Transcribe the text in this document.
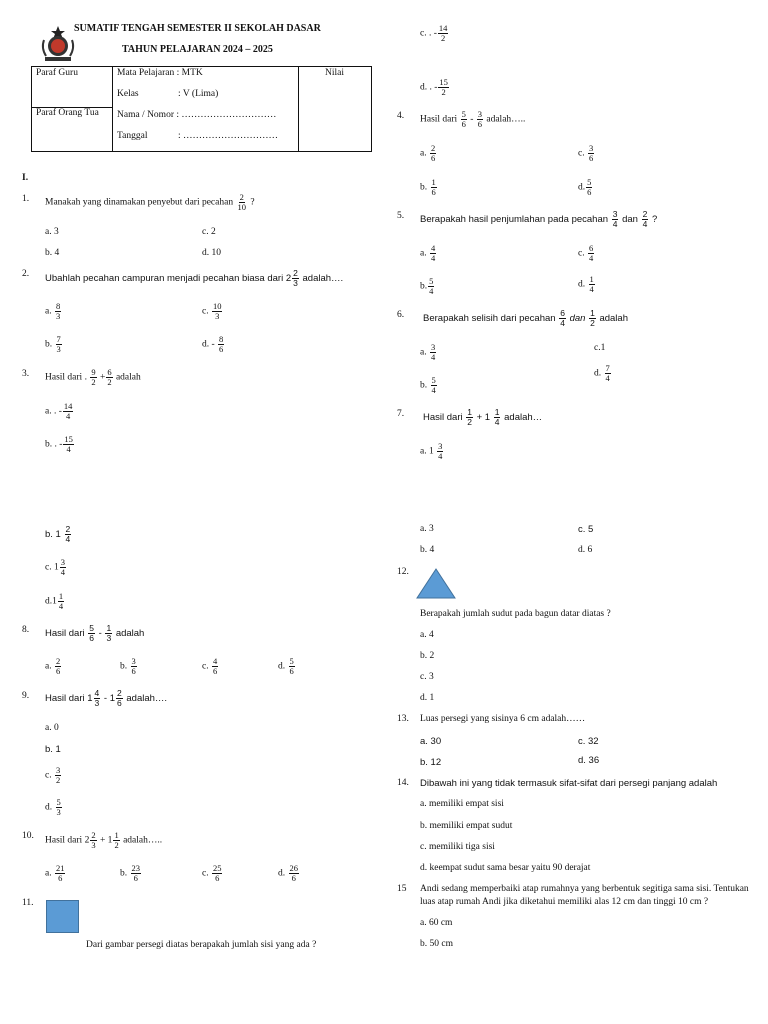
SUMATIF TENGAH SEMESTER II SEKOLAH DASAR
TAHUN PELAJARAN 2024 – 2025
Paraf Guru
Paraf Orang Tua
Mata Pelajaran : MTK
Kelas	: V (Lima)
Nama / Nomor : …………………………
Tanggal	: …………………………
Nilai
I.
1. Manakah yang dinamakan penyebut dari pecahan $\frac{2}{10}$ ?
a. 3	c. 2
b. 4	d. 10
2. Ubahlah pecahan campuran menjadi pecahan biasa dari $2 \frac{2}{3}$ adalah….
a. $\frac{8}{3}$	c. $\frac{10}{3}$
b. $\frac{7}{3}$	d. - $\frac{8}{6}$
3. Hasil dari . $\frac{9}{2} + \frac{6}{2}$ adalah
a. . - $\frac{14}{4}$
b. . - $\frac{15}{4}$
b. $1 \frac{2}{4}$
c. $1 \frac{3}{4}$
$d.1 \frac{1}{4}$
8. Hasil dari $\frac{5}{6} - \frac{1}{3}$ adalah
a. $\frac{2}{6}$	b. $\frac{3}{6}$	c. $\frac{4}{6}$	d. $\frac{5}{6}$
9. Hasil dari $1 \frac{4}{3} - 1 \frac{2}{6}$ adalah….
a. 0
b. 1
c. $\frac{3}{2}$
d. $\frac{5}{3}$
10. Hasil dari $2 \frac{2}{3} + 1 \frac{1}{2}$ adalah…..
a. $\frac{21}{6}$	b. $\frac{23}{6}$	c. $\frac{25}{6}$	d. $\frac{26}{6}$
11.
Dari gambar persegi diatas berapakah jumlah sisi yang ada ?
c. . - $\frac{14}{2}$
d. . - $\frac{15}{2}$
4. Hasil dari $\frac{5}{6} - \frac{3}{6}$ adalah…..
a. $\frac{2}{6}$	c. $\frac{3}{6}$
b. $\frac{1}{6}$	d. $\frac{5}{6}$
5. Berapakah hasil penjumlahan pada pecahan $\frac{3}{4}$ dan $\frac{2}{4}$ ?
a. $\frac{4}{4}$	c. $\frac{6}{4}$
b. $\frac{5}{4}$	d. $\frac{1}{4}$
6. Berapakah selisih dari pecahan $\frac{6}{4}$ dan $\frac{1}{2}$ adalah
a. $\frac{3}{4}$	c.1
b. $\frac{5}{4}$
d. $\frac{7}{4}$
7. Hasil dari $\frac{1}{2} + 1 \frac{1}{4}$ adalah…
a. $1 \frac{3}{4}$
a. 3	c. 5
b. 4	d. 6
12.
Berapakah jumlah sudut pada bagun datar diatas ?
a. 4
b. 2
c. 3
d. 1
13. Luas persegi yang sisinya 6 cm adalah……
a. 30	c. 32
b. 12	d. 36
14. Dibawah ini yang tidak termasuk sifat-sifat dari persegi panjang adalah
a. memiliki empat sisi
b. memiliki empat sudut
c. memiliki tiga sisi
d. keempat sudut sama besar yaitu 90 derajat
15 Andi sedang memperbaiki atap rumahnya yang berbentuk segitiga sama sisi. Tentukan
luas atap rumah Andi jika diketahui memiliki alas 12 cm dan tinggi 10 cm ?
a. 60 cm
b. 50 cm
